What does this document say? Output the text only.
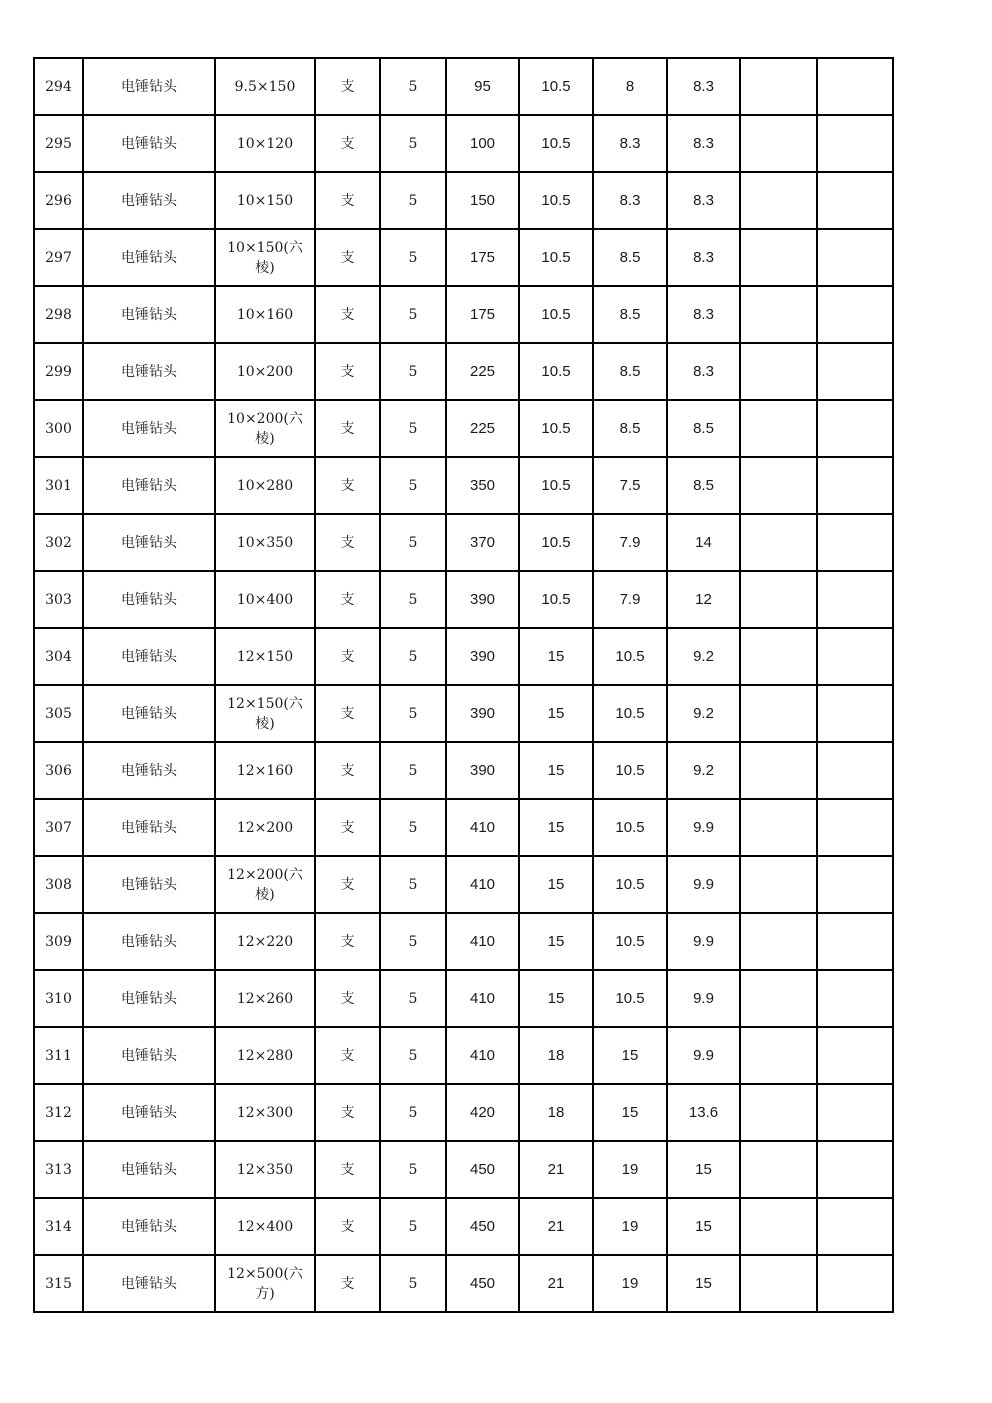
294	电锤钻头	9.5×150	支	5	95	10.5	8	8.3		
295	电锤钻头	10×120	支	5	100	10.5	8.3	8.3		
296	电锤钻头	10×150	支	5	150	10.5	8.3	8.3		
297	电锤钻头	10×150(六棱)	支	5	175	10.5	8.5	8.3		
298	电锤钻头	10×160	支	5	175	10.5	8.5	8.3		
299	电锤钻头	10×200	支	5	225	10.5	8.5	8.3		
300	电锤钻头	10×200(六棱)	支	5	225	10.5	8.5	8.5		
301	电锤钻头	10×280	支	5	350	10.5	7.5	8.5		
302	电锤钻头	10×350	支	5	370	10.5	7.9	14		
303	电锤钻头	10×400	支	5	390	10.5	7.9	12		
304	电锤钻头	12×150	支	5	390	15	10.5	9.2		
305	电锤钻头	12×150(六棱)	支	5	390	15	10.5	9.2		
306	电锤钻头	12×160	支	5	390	15	10.5	9.2		
307	电锤钻头	12×200	支	5	410	15	10.5	9.9		
308	电锤钻头	12×200(六棱)	支	5	410	15	10.5	9.9		
309	电锤钻头	12×220	支	5	410	15	10.5	9.9		
310	电锤钻头	12×260	支	5	410	15	10.5	9.9		
311	电锤钻头	12×280	支	5	410	18	15	9.9		
312	电锤钻头	12×300	支	5	420	18	15	13.6		
313	电锤钻头	12×350	支	5	450	21	19	15		
314	电锤钻头	12×400	支	5	450	21	19	15		
315	电锤钻头	12×500(六方)	支	5	450	21	19	15		
